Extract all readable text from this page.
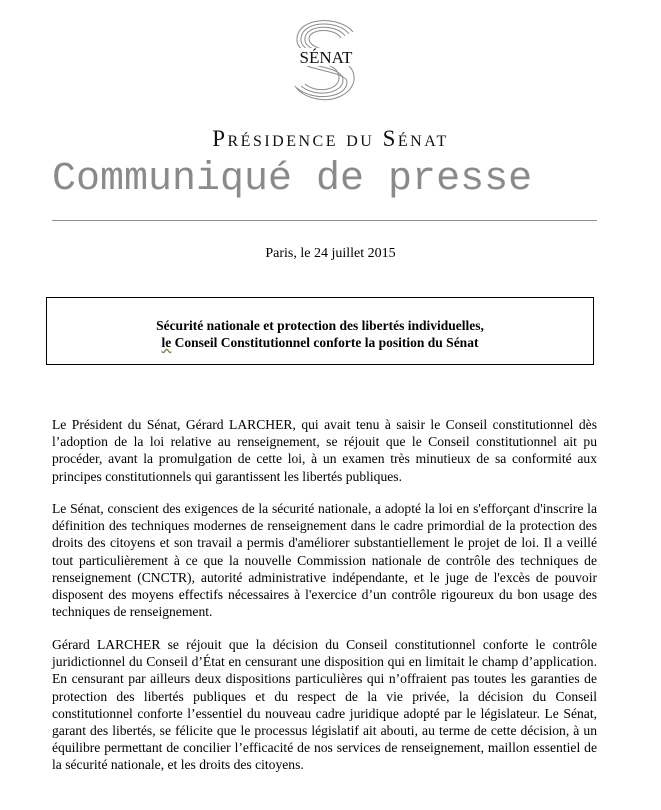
SÉNAT
Présidence du Sénat
Communiqué de presse
Paris, le 24 juillet 2015
Sécurité nationale et protection des libertés individuelles,
le Conseil Constitutionnel conforte la position du Sénat
Le Président du Sénat, Gérard LARCHER, qui avait tenu à saisir le Conseil constitutionnel dès l’adoption de la loi relative au renseignement, se réjouit que le Conseil constitutionnel ait pu procéder, avant la promulgation de cette loi, à un examen très minutieux de sa conformité aux principes constitutionnels qui garantissent les libertés publiques.
Le Sénat, conscient des exigences de la sécurité nationale, a adopté la loi en s'efforçant d'inscrire la définition des techniques modernes de renseignement dans le cadre primordial de la protection des droits des citoyens et son travail a permis d'améliorer substantiellement le projet de loi. Il a veillé tout particulièrement à ce que la nouvelle Commission nationale de contrôle des techniques de renseignement (CNCTR), autorité administrative indépendante, et le juge de l'excès de pouvoir disposent des moyens effectifs nécessaires à l'exercice d’un contrôle rigoureux du bon usage des techniques de renseignement.
Gérard LARCHER se réjouit que la décision du Conseil constitutionnel conforte le contrôle juridictionnel du Conseil d’État en censurant une disposition qui en limitait le champ d’application. En censurant par ailleurs deux dispositions particulières qui n’offraient pas toutes les garanties de protection des libertés publiques et du respect de la vie privée, la décision du Conseil constitutionnel conforte l’essentiel du nouveau cadre juridique adopté par le législateur. Le Sénat, garant des libertés, se félicite que le processus législatif ait abouti, au terme de cette décision, à un équilibre permettant de concilier l’efficacité de nos services de renseignement, maillon essentiel de la sécurité nationale, et les droits des citoyens.
